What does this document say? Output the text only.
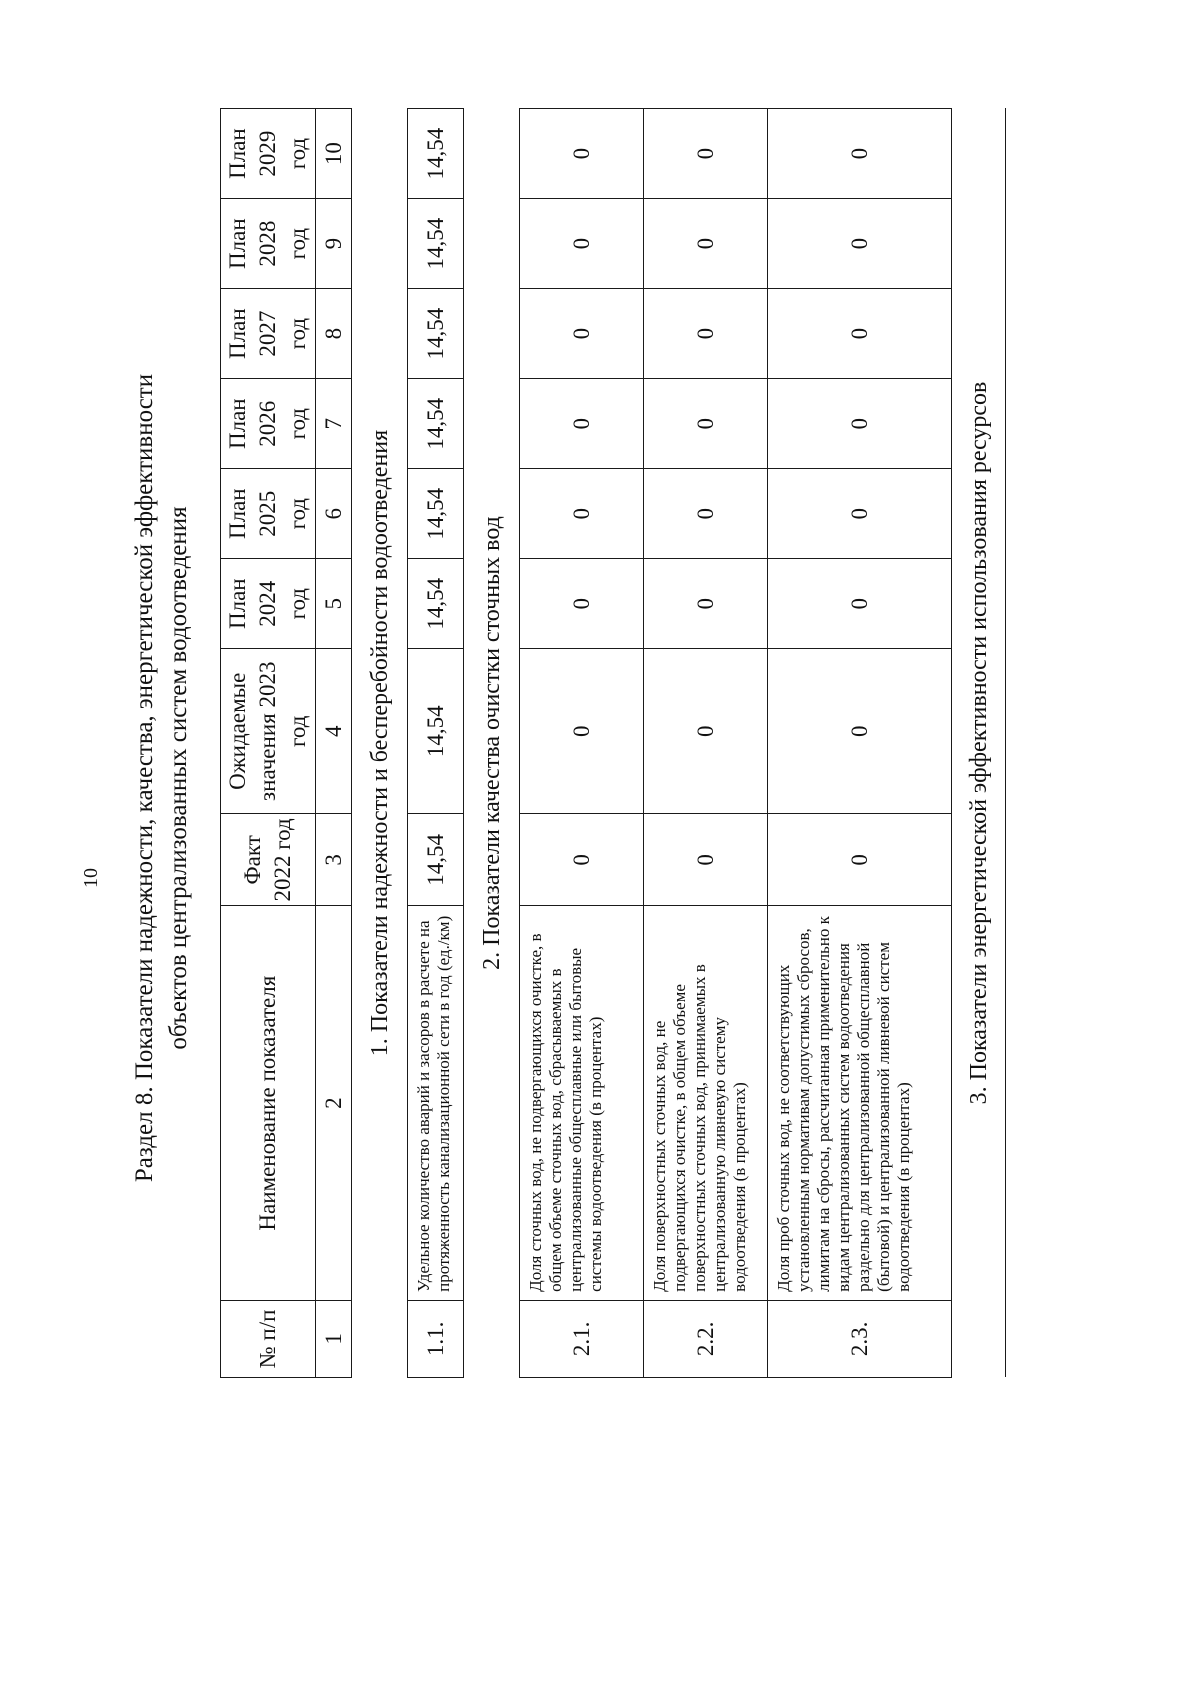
10 Раздел 8. Показатели надежности, качества, энергетической эффективности объектов централизованных систем водоотведения
№ п/п	Наименование показателя	Факт 2022 год	Ожидаемые значения 2023 год	План 2024 год	План 2025 год	План 2026 год	План 2027 год	План 2028 год	План 2029 год
1	2	3	4	5	6	7	8	9	10
1. Показатели надежности и бесперебойности водоотведения									
1.1.	Удельное количество аварий и засоров в расчете на протяженность канализационной сети в год (ед./км)	14,54	14,54	14,54	14,54	14,54	14,54	14,54	14,54
2. Показатели качества очистки сточных вод									
2.1.	Доля сточных вод, не подвергающихся очистке, в общем объеме сточных вод, сбрасываемых в централизованные общесплавные или бытовые системы водоотведения (в процентах)	0	0	0	0	0	0	0	0
2.2.	Доля поверхностных сточных вод, не подвергающихся очистке, в общем объеме поверхностных сточных вод, принимаемых в централизованную ливневую систему водоотведения (в процентах)	0	0	0	0	0	0	0	0
2.3.	Доля проб сточных вод, не соответствующих установленным нормативам допустимых сбросов, лимитам на сбросы, рассчитанная применительно к видам централизованных систем водоотведения раздельно для централизованной общесплавной (бытовой) и централизованной ливневой систем водоотведения (в процентах)	0	0	0	0	0	0	0	0
3. Показатели энергетической эффективности использования ресурсов									
